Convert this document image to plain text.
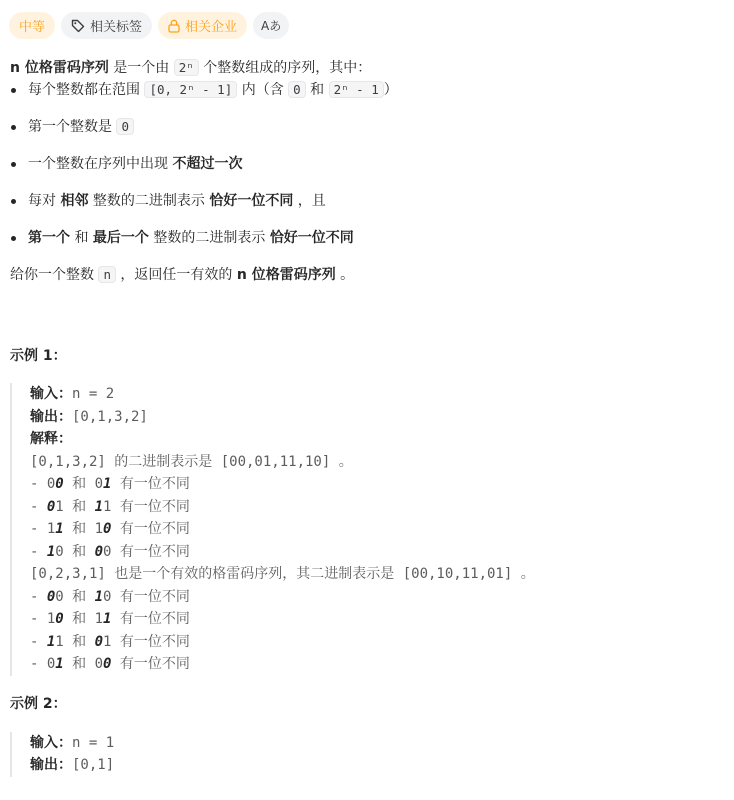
中等	相关标签	相关企业 Aあ

n 位格雷码序列 是一个由 2ⁿ 个整数组成的序列，其中：

每个整数都在范围 [0, 2ⁿ - 1] 内（含 0 和 2ⁿ - 1 ）
第一个整数是 0
一个整数在序列中出现 不超过一次
每对 相邻 整数的二进制表示 恰好一位不同 ，且
第一个 和 最后一个 整数的二进制表示 恰好一位不同

给你一个整数 n ，返回任一有效的 n 位格雷码序列 。

示例 1：

输入：n = 2
输出：[0,1,3,2]
解释：
[0,1,3,2] 的二进制表示是 [00,01,11,10] 。
- 00 和 01 有一位不同
- 01 和 11 有一位不同
- 11 和 10 有一位不同
- 10 和 00 有一位不同
[0,2,3,1] 也是一个有效的格雷码序列，其二进制表示是 [00,10,11,01] 。
- 00 和 10 有一位不同
- 10 和 11 有一位不同
- 11 和 01 有一位不同
- 01 和 00 有一位不同

示例 2：

输入：n = 1
输出：[0,1]
